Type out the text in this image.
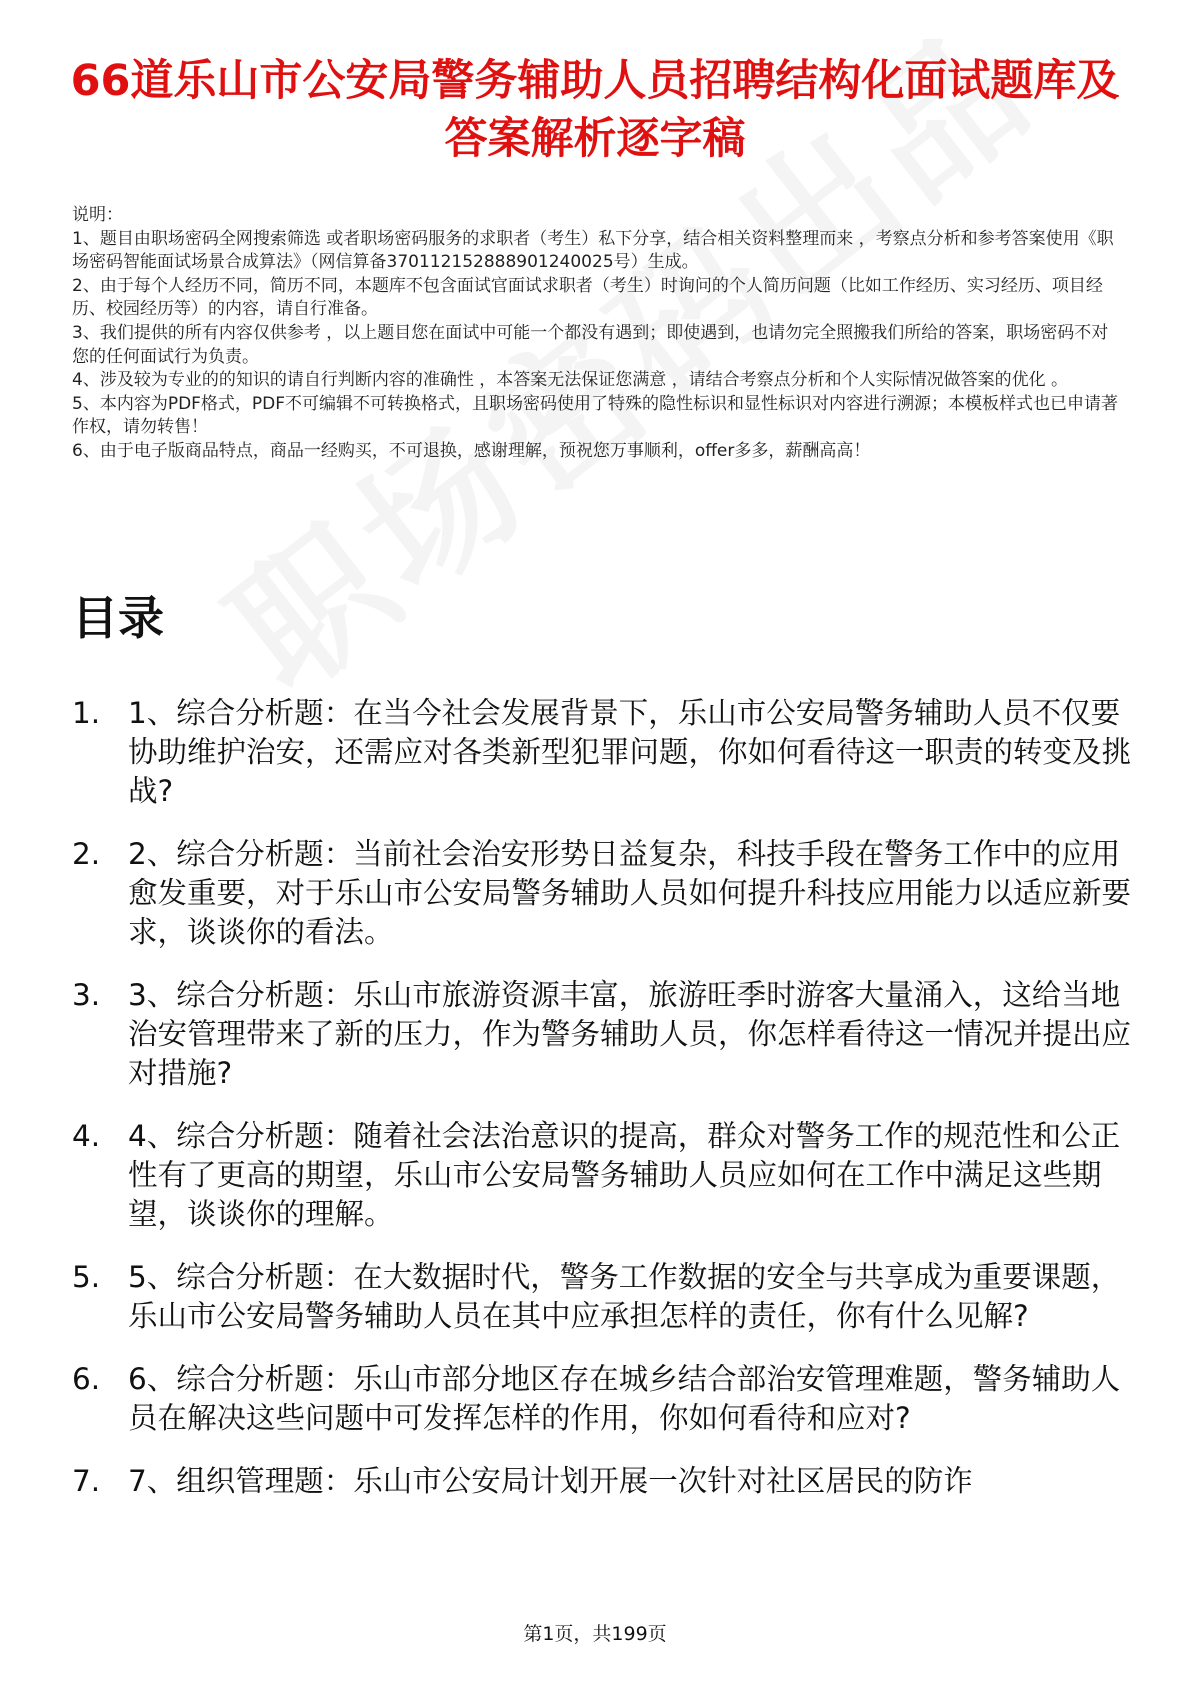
66道乐山市公安局警务辅助人员招聘结构化面试题库及答案解析逐字稿

说明：

1、题目由职场密码全网搜索筛选 或者职场密码服务的求职者（考生）私下分享，结合相关资料整理而来 ，考察点分析和参考答案使用《职场密码智能面试场景合成算法》（网信算备370112152888901240025号）生成。

2、由于每个人经历不同，简历不同，本题库不包含面试官面试求职者（考生）时询问的个人简历问题（比如工作经历、实习经历、项目经历、校园经历等）的内容，请自行准备。

3、我们提供的所有内容仅供参考 ，以上题目您在面试中可能一个都没有遇到；即使遇到，也请勿完全照搬我们所给的答案，职场密码不对您的任何面试行为负责。

4、涉及较为专业的的知识的请自行判断内容的准确性 ，本答案无法保证您满意 ，请结合考察点分析和个人实际情况做答案的优化 。

5、本内容为PDF格式，PDF不可编辑不可转换格式，且职场密码使用了特殊的隐性标识和显性标识对内容进行溯源；本模板样式也已申请著作权，请勿转售！

6、由于电子版商品特点，商品一经购买，不可退换，感谢理解，预祝您万事顺利，offer多多，薪酬高高！

目录
1. 1、综合分析题：在当今社会发展背景下，乐山市公安局警务辅助人员不仅要协助维护治安，还需应对各类新型犯罪问题，你如何看待这一职责的转变及挑战?
2. 2、综合分析题：当前社会治安形势日益复杂，科技手段在警务工作中的应用愈发重要，对于乐山市公安局警务辅助人员如何提升科技应用能力以适应新要求，谈谈你的看法。
3. 3、综合分析题：乐山市旅游资源丰富，旅游旺季时游客大量涌入，这给当地治安管理带来了新的压力，作为警务辅助人员，你怎样看待这一情况并提出应对措施?
4. 4、综合分析题：随着社会法治意识的提高，群众对警务工作的规范性和公正性有了更高的期望，乐山市公安局警务辅助人员应如何在工作中满足这些期望，谈谈你的理解。
5. 5、综合分析题：在大数据时代，警务工作数据的安全与共享成为重要课题，乐山市公安局警务辅助人员在其中应承担怎样的责任，你有什么见解?
6. 6、综合分析题：乐山市部分地区存在城乡结合部治安管理难题，警务辅助人员在解决这些问题中可发挥怎样的作用，你如何看待和应对?
7. 7、组织管理题：乐山市公安局计划开展一次针对社区居民的防诈
第1页，共199页
